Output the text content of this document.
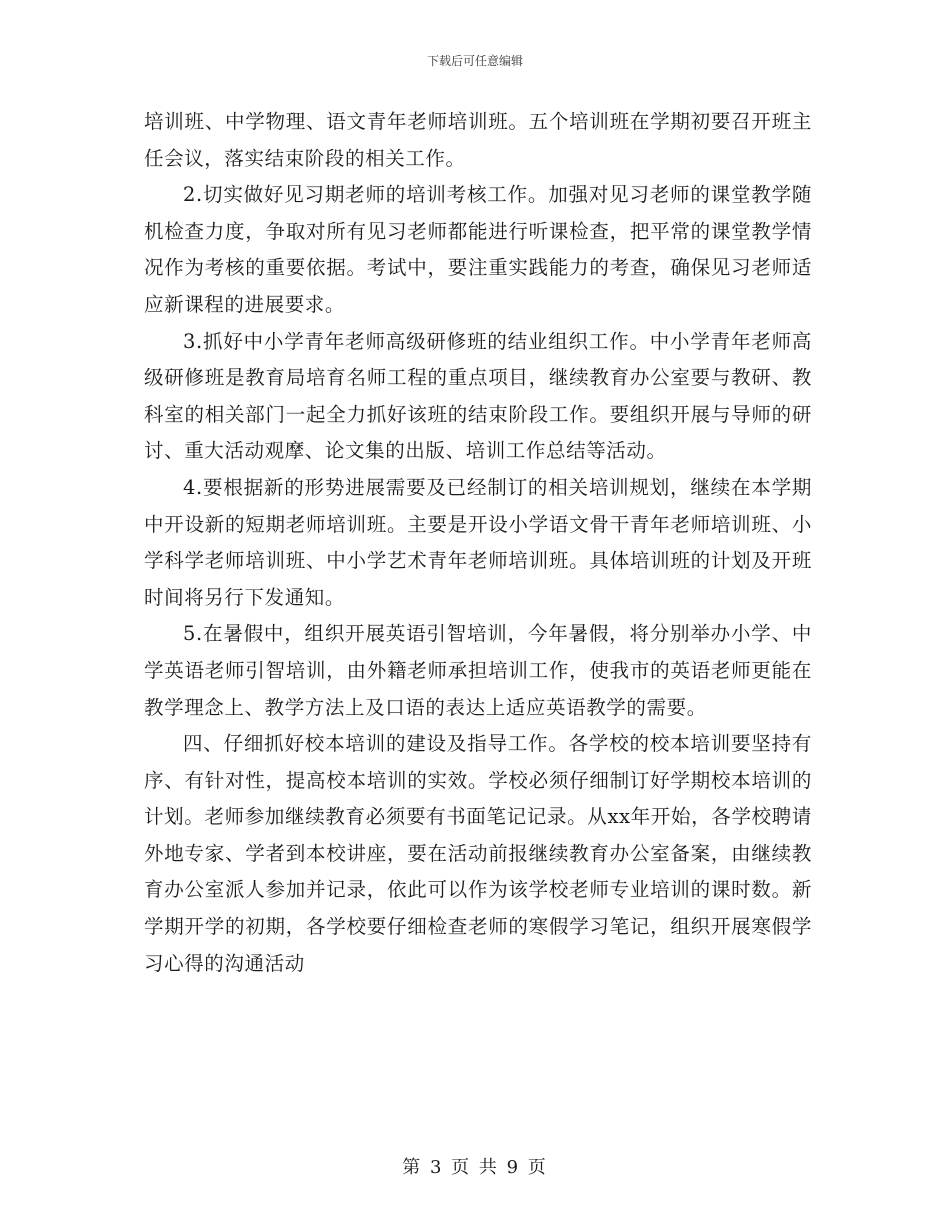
下载后可任意编辑

培训班、中学物理、语文青年老师培训班。五个培训班在学期初要召开班主任会议，落实结束阶段的相关工作。

2.切实做好见习期老师的培训考核工作。加强对见习老师的课堂教学随机检查力度，争取对所有见习老师都能进行听课检查，把平常的课堂教学情况作为考核的重要依据。考试中，要注重实践能力的考查，确保见习老师适应新课程的进展要求。

3.抓好中小学青年老师高级研修班的结业组织工作。中小学青年老师高级研修班是教育局培育名师工程的重点项目，继续教育办公室要与教研、教科室的相关部门一起全力抓好该班的结束阶段工作。要组织开展与导师的研讨、重大活动观摩、论文集的出版、培训工作总结等活动。

4.要根据新的形势进展需要及已经制订的相关培训规划，继续在本学期中开设新的短期老师培训班。主要是开设小学语文骨干青年老师培训班、小学科学老师培训班、中小学艺术青年老师培训班。具体培训班的计划及开班时间将另行下发通知。

5.在暑假中，组织开展英语引智培训，今年暑假，将分别举办小学、中学英语老师引智培训，由外籍老师承担培训工作，使我市的英语老师更能在教学理念上、教学方法上及口语的表达上适应英语教学的需要。

四、仔细抓好校本培训的建设及指导工作。各学校的校本培训要坚持有序、有针对性，提高校本培训的实效。学校必须仔细制订好学期校本培训的计划。老师参加继续教育必须要有书面笔记记录。从xx年开始，各学校聘请外地专家、学者到本校讲座，要在活动前报继续教育办公室备案，由继续教育办公室派人参加并记录，依此可以作为该学校老师专业培训的课时数。新学期开学的初期，各学校要仔细检查老师的寒假学习笔记，组织开展寒假学习心得的沟通活动

第 3 页 共 9 页
